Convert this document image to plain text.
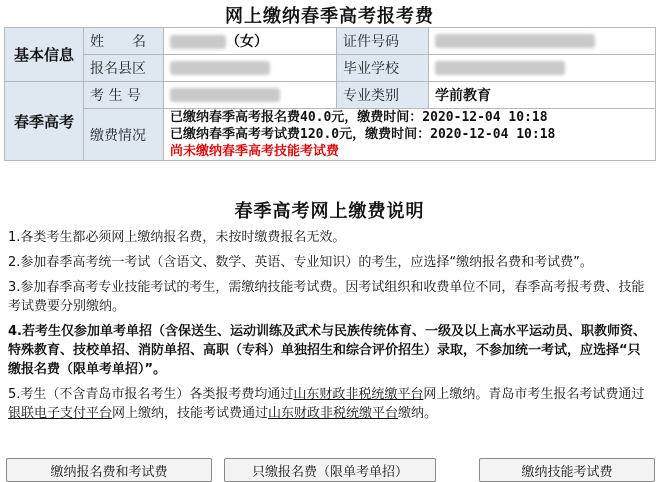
网上缴纳春季高考报考费
基本信息	姓　　名	（女）	证件号码	
	报名县区		毕业学校	
春季高考	考 生 号		专业类别	学前教育
	缴费情况	已缴纳春季高考报名费40.0元，缴费时间：2020-12-04 10:18
已缴纳春季高考考试费120.0元，缴费时间：2020-12-04 10:18
尚未缴纳春季高考技能考试费		
春季高考网上缴费说明

1.各类考生都必须网上缴纳报名费，未按时缴费报名无效。

2.参加春季高考统一考试（含语文、数学、英语、专业知识）的考生，应选择“缴纳报名费和考试费”。

3.参加春季高考专业技能考试的考生，需缴纳技能考试费。因考试组织和收费单位不同，春季高考报考费、技能考试费要分别缴纳。

4.若考生仅参加单考单招（含保送生、运动训练及武术与民族传统体育、一级及以上高水平运动员、职教师资、特殊教育、技校单招、消防单招、高职（专科）单独招生和综合评价招生）录取，不参加统一考试，应选择“只缴报名费（限单考单招）”。

5.考生（不含青岛市报名考生）各类报考费均通过山东财政非税统缴平台网上缴纳。青岛市考生报名考试费通过银联电子支付平台网上缴纳，技能考试费通过山东财政非税统缴平台缴纳。

缴纳报名费和考试费	只缴报名费（限单考单招）	缴纳技能考试费
